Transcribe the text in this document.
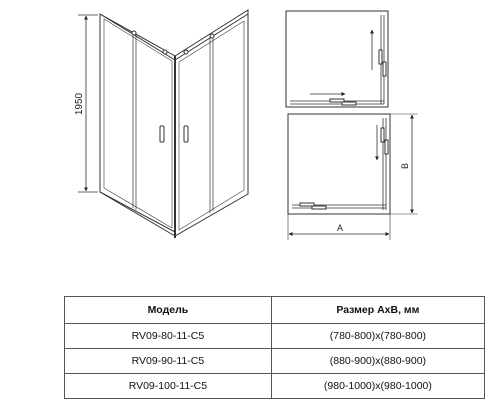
1950
B
A
Модель	Размер AxB, мм
RV09-80-11-C5	(780-800)x(780-800)
RV09-90-11-C5	(880-900)x(880-900)
RV09-100-11-C5	(980-1000)x(980-1000)
